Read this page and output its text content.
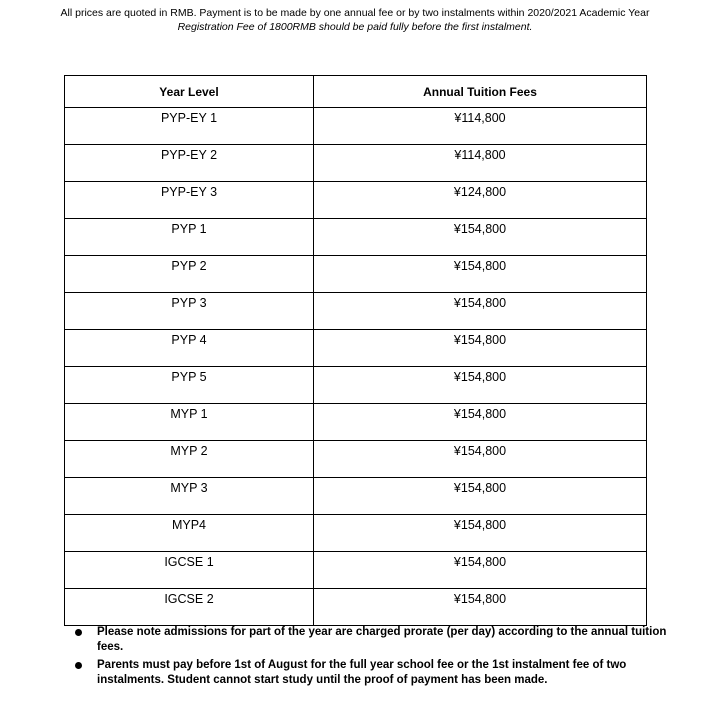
All prices are quoted in RMB. Payment is to be made by one annual fee or by two instalments within 2020/2021 Academic Year
Registration Fee of 1800RMB should be paid fully before the first instalment.
Year Level	Annual Tuition Fees

PYP-EY 1	¥114,800

PYP-EY 2	¥114,800

PYP-EY 3	¥124,800

PYP 1	¥154,800

PYP 2	¥154,800

PYP 3	¥154,800

PYP 4	¥154,800

PYP 5	¥154,800

MYP 1	¥154,800

MYP 2	¥154,800

MYP 3	¥154,800

MYP4	¥154,800

IGCSE 1	¥154,800

IGCSE 2	¥154,800
Please note admissions for part of the year are charged prorate (per day) according to the annual tuition fees.
Parents must pay before 1st of August for the full year school fee or the 1st instalment fee of two instalments. Student cannot start study until the proof of payment has been made.
